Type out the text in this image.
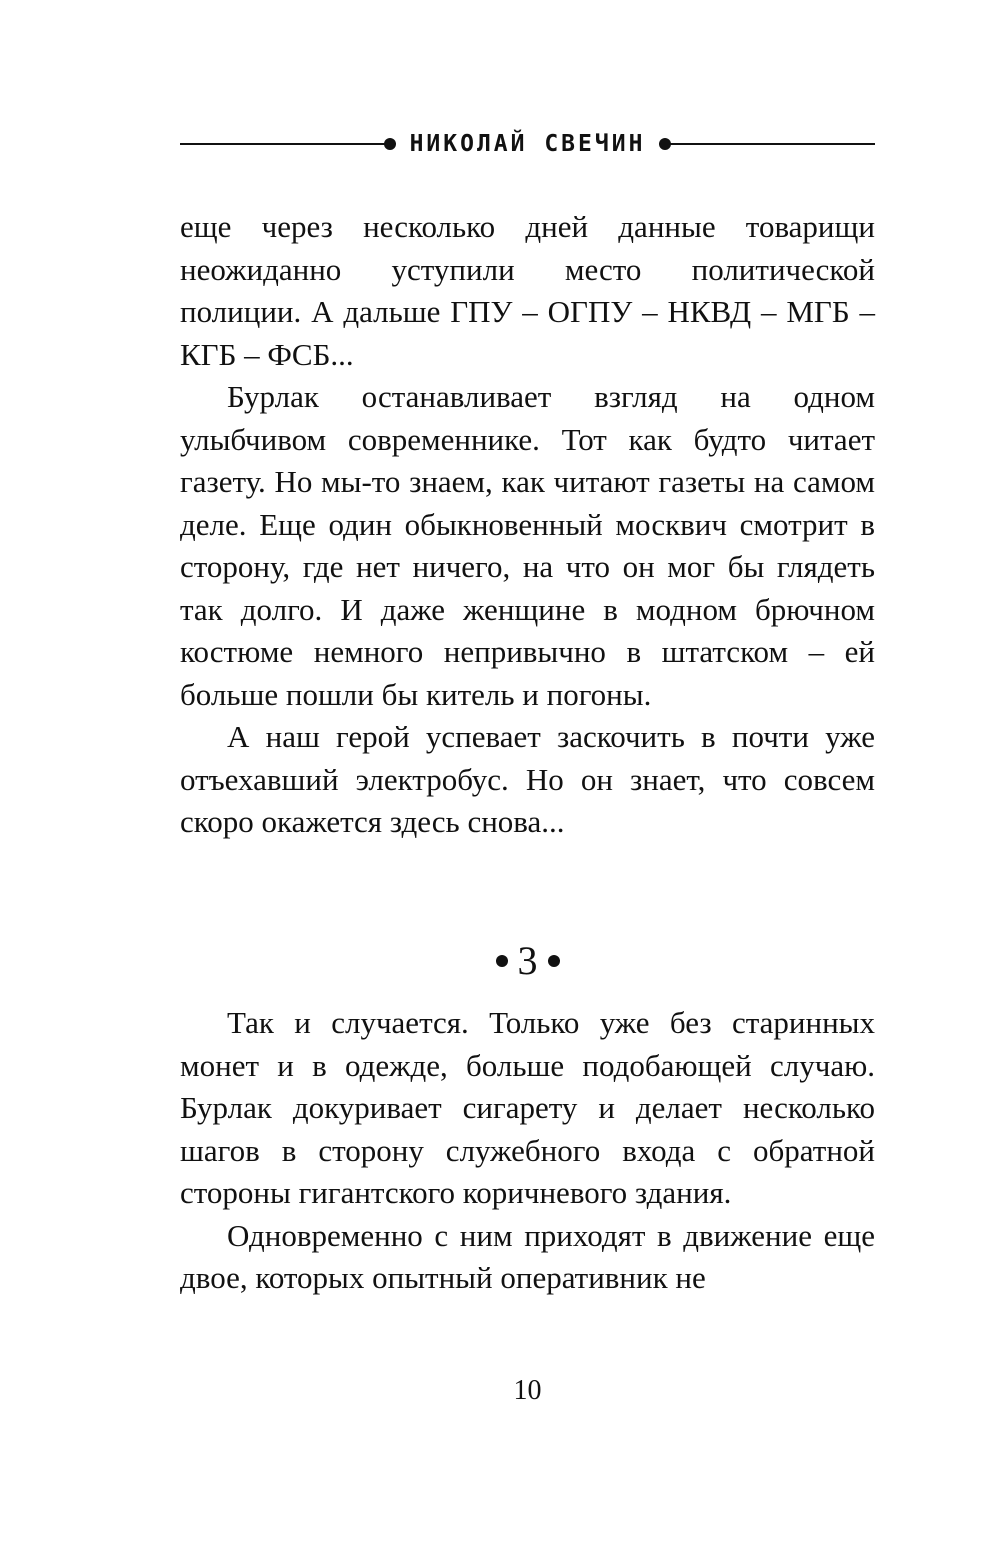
НИКОЛАЙ СВЕЧИН

еще через несколько дней данные товарищи неожиданно уступили место политической полиции. А дальше ГПУ – ОГПУ – НКВД – МГБ – КГБ – ФСБ...

Бурлак останавливает взгляд на одном улыбчивом современнике. Тот как будто читает газету. Но мы-то знаем, как читают газеты на самом деле. Еще один обыкновенный москвич смотрит в сторону, где нет ничего, на что он мог бы глядеть так долго. И даже женщине в модном брючном костюме немного непривычно в штатском – ей больше пошли бы китель и погоны.

А наш герой успевает заскочить в почти уже отъехавший электробус. Но он знает, что совсем скоро окажется здесь снова...

3

Так и случается. Только уже без старинных монет и в одежде, больше подобающей случаю. Бурлак докуривает сигарету и делает несколько шагов в сторону служебного входа с обратной стороны гигантского коричневого здания.

Одновременно с ним приходят в движение еще двое, которых опытный оперативник не

10
